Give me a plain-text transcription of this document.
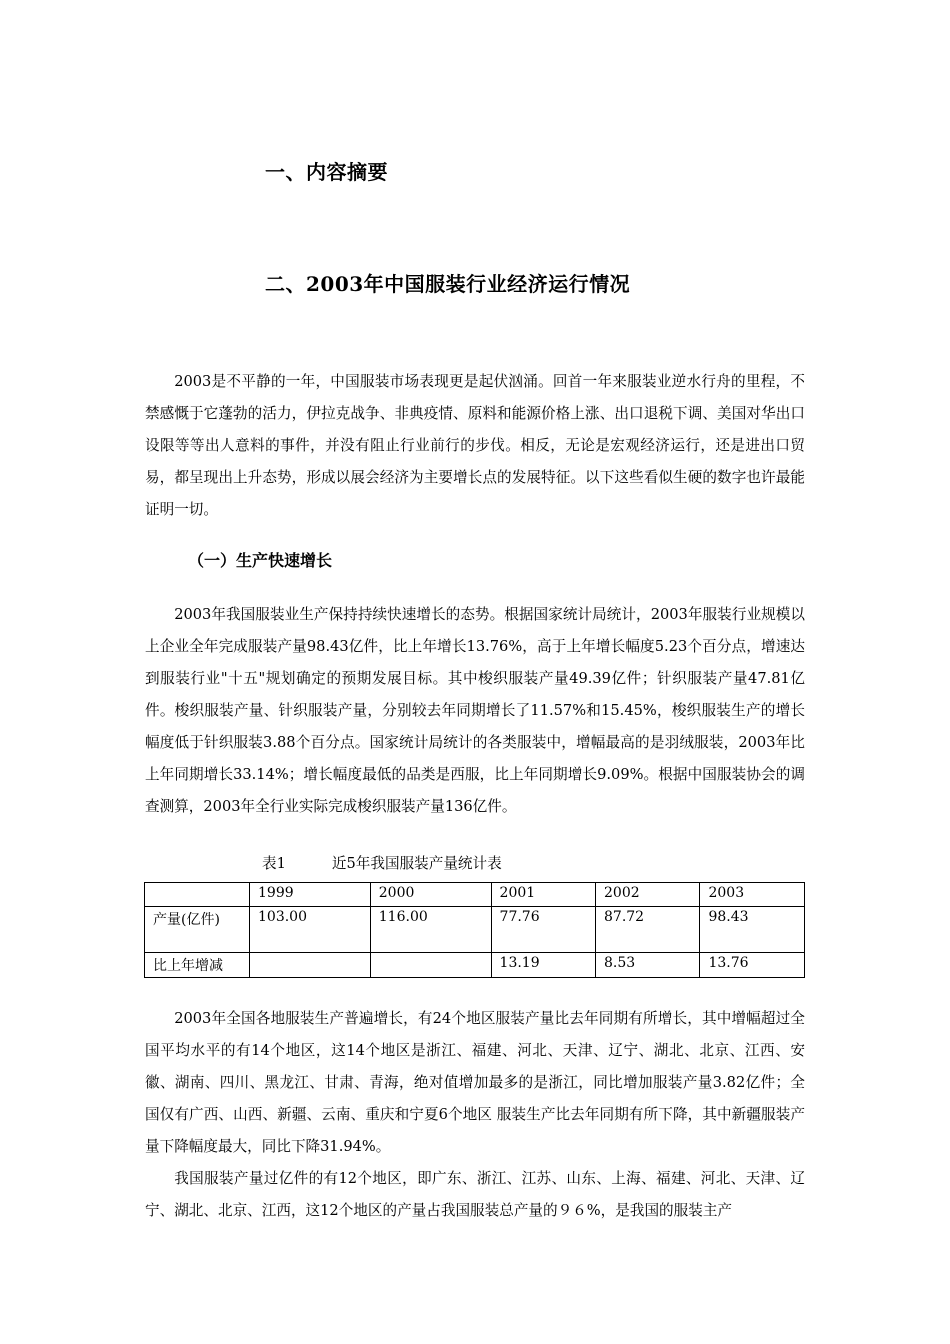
一、内容摘要
二、2003年中国服装行业经济运行情况

2003是不平静的一年，中国服装市场表现更是起伏汹涌。回首一年来服装业逆水行舟的里程，不禁感慨于它蓬勃的活力，伊拉克战争、非典疫情、原料和能源价格上涨、出口退税下调、美国对华出口设限等等出人意料的事件，并没有阻止行业前行的步伐。相反，无论是宏观经济运行，还是进出口贸易，都呈现出上升态势，形成以展会经济为主要增长点的发展特征。以下这些看似生硬的数字也许最能证明一切。

（一）生产快速增长

2003年我国服装业生产保持持续快速增长的态势。根据国家统计局统计，2003年服装行业规模以上企业全年完成服装产量98.43亿件，比上年增长13.76%，高于上年增长幅度5.23个百分点，增速达到服装行业"十五"规划确定的预期发展目标。其中梭织服装产量49.39亿件；针织服装产量47.81亿件。梭织服装产量、针织服装产量，分别较去年同期增长了11.57%和15.45%，梭织服装生产的增长幅度低于针织服装3.88个百分点。国家统计局统计的各类服装中，增幅最高的是羽绒服装，2003年比上年同期增长33.14%；增长幅度最低的品类是西服，比上年同期增长9.09%。根据中国服装协会的调查测算，2003年全行业实际完成梭织服装产量136亿件。

表1	近5年我国服装产量统计表
	1999	2000	2001	2002	2003
产量(亿件)	103.00	116.00	77.76	87.72	98.43
比上年增减			13.19	8.53	13.76

2003年全国各地服装生产普遍增长，有24个地区服装产量比去年同期有所增长，其中增幅超过全国平均水平的有14个地区，这14个地区是浙江、福建、河北、天津、辽宁、湖北、北京、江西、安徽、湖南、四川、黑龙江、甘肃、青海，绝对值增加最多的是浙江，同比增加服装产量3.82亿件；全国仅有广西、山西、新疆、云南、重庆和宁夏6个地区 服装生产比去年同期有所下降，其中新疆服装产量下降幅度最大，同比下降31.94%。

我国服装产量过亿件的有12个地区，即广东、浙江、江苏、山东、上海、福建、河北、天津、辽宁、湖北、北京、江西，这12个地区的产量占我国服装总产量的９６%，是我国的服装主产
